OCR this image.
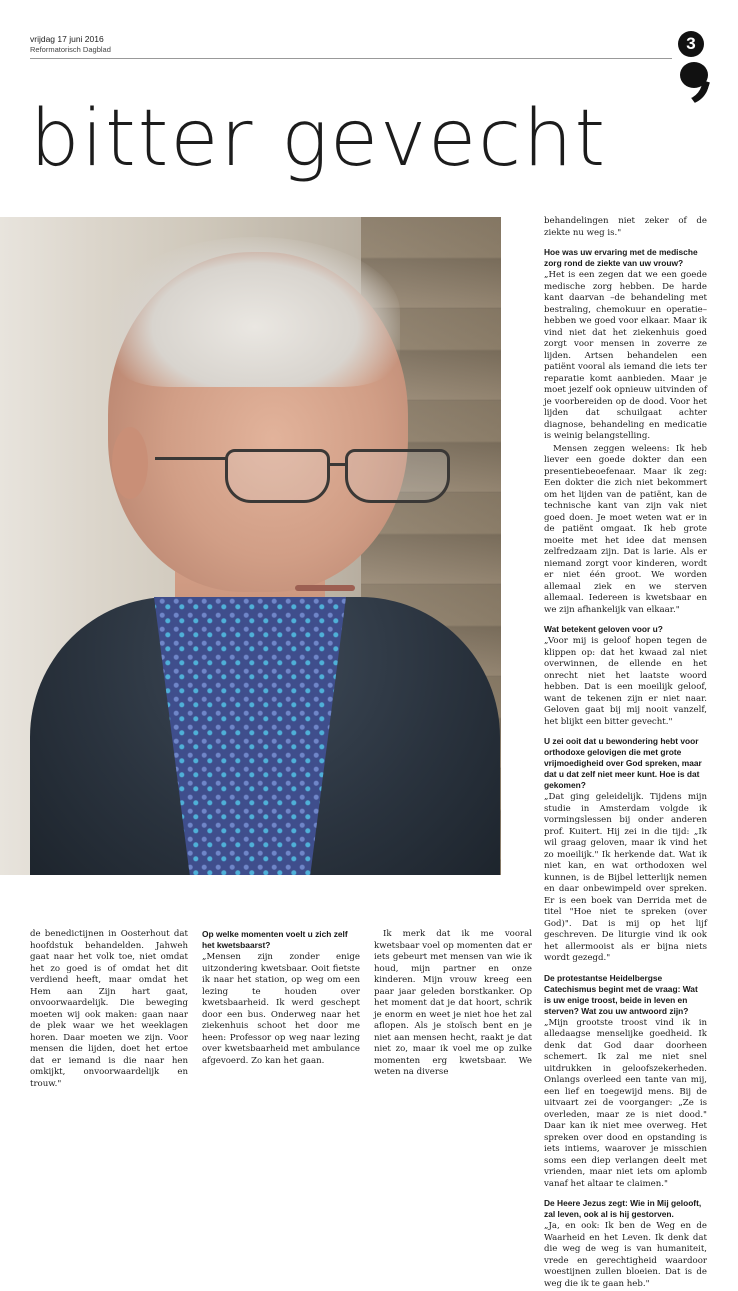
vrijdag 17 juni 2016
Reformatorisch Dagblad	3
bitter gevecht

behandelingen niet zeker of de ziekte nu weg is."

Hoe was uw ervaring met de medische zorg rond de ziekte van uw vrouw?

„Het is een zegen dat we een goede medische zorg hebben. De harde kant daarvan –de behandeling met bestraling, chemokuur en operatie– hebben we goed voor elkaar. Maar ik vind niet dat het ziekenhuis goed zorgt voor mensen in zoverre ze lijden. Artsen behandelen een patiënt vooral als iemand die iets ter reparatie komt aanbieden. Maar je moet jezelf ook opnieuw uitvinden of je voorbereiden op de dood. Voor het lijden dat schuilgaat achter diagnose, behandeling en medicatie is weinig belangstelling.

Mensen zeggen weleens: Ik heb liever een goede dokter dan een presentiebeoefenaar. Maar ik zeg: Een dokter die zich niet bekommert om het lijden van de patiënt, kan de technische kant van zijn vak niet goed doen. Je moet weten wat er in de patiënt omgaat. Ik heb grote moeite met het idee dat mensen zelfredzaam zijn. Dat is larie. Als er niemand zorgt voor kinderen, wordt er niet één groot. We worden allemaal ziek en we sterven allemaal. Iedereen is kwetsbaar en we zijn afhankelijk van elkaar."

Wat betekent geloven voor u?

„Voor mij is geloof hopen tegen de klippen op: dat het kwaad zal niet overwinnen, de ellende en het onrecht niet het laatste woord hebben. Dat is een moeilijk geloof, want de tekenen zijn er niet naar. Geloven gaat bij mij nooit vanzelf, het blijkt een bitter gevecht."

U zei ooit dat u bewondering hebt voor orthodoxe gelovigen die met grote vrijmoedigheid over God spreken, maar dat u dat zelf niet meer kunt. Hoe is dat gekomen?

„Dat ging geleidelijk. Tijdens mijn studie in Amsterdam volgde ik vormingslessen bij onder anderen prof. Kuitert. Hij zei in die tijd: „Ik wil graag geloven, maar ik vind het zo moeilijk." Ik herkende dat. Wat ik niet kan, en wat orthodoxen wel kunnen, is de Bijbel letterlijk nemen en daar onbewimpeld over spreken. Er is een boek van Derrida met de titel "Hoe niet te spreken (over God)". Dat is mij op het lijf geschreven. De liturgie vind ik ook het allermooist als er bijna niets wordt gezegd."

De protestantse Heidelbergse Catechismus begint met de vraag: Wat is uw enige troost, beide in leven en sterven? Wat zou uw antwoord zijn?

„Mijn grootste troost vind ik in alledaagse menselijke goedheid. Ik denk dat God daar doorheen schemert. Ik zal me niet snel uitdrukken in geloofszekerheden. Onlangs overleed een tante van mij, een lief en toegewijd mens. Bij de uitvaart zei de voorganger: „Ze is overleden, maar ze is niet dood." Daar kan ik niet mee overweg. Het spreken over dood en opstanding is iets intiems, waarover je misschien soms een diep verlangen deelt met vrienden, maar niet iets om aplomb vanaf het altaar te claimen."

De Heere Jezus zegt: Wie in Mij gelooft, zal leven, ook al is hij gestorven.

„Ja, en ook: Ik ben de Weg en de Waarheid en het Leven. Ik denk dat die weg de weg is van humaniteit, vrede en gerechtigheid waardoor woestijnen zullen bloeien. Dat is de weg die ik te gaan heb."

de benedictijnen in Oosterhout dat hoofdstuk behandelden. Jahweh gaat naar het volk toe, niet omdat het zo goed is of omdat het dit verdiend heeft, maar omdat het Hem aan Zijn hart gaat, onvoorwaardelijk. Die beweging moeten wij ook maken: gaan naar de plek waar we het weeklagen horen. Daar moeten we zijn. Voor mensen die lijden, doet het ertoe dat er iemand is die naar hen omkijkt, onvoorwaardelijk en trouw."

Op welke momenten voelt u zich zelf het kwetsbaarst?

„Mensen zijn zonder enige uitzondering kwetsbaar. Ooit fietste ik naar het station, op weg om een lezing te houden over kwetsbaarheid. Ik werd geschept door een bus. Onderweg naar het ziekenhuis schoot het door me heen: Professor op weg naar lezing over kwetsbaarheid met ambulance afgevoerd. Zo kan het gaan.

Ik merk dat ik me vooral kwetsbaar voel op momenten dat er iets gebeurt met mensen van wie ik houd, mijn partner en onze kinderen. Mijn vrouw kreeg een paar jaar geleden borstkanker. Op het moment dat je dat hoort, schrik je enorm en weet je niet hoe het zal aflopen. Als je stoïsch bent en je niet aan mensen hecht, raakt je dat niet zo, maar ik voel me op zulke momenten erg kwetsbaar. We weten na diverse
